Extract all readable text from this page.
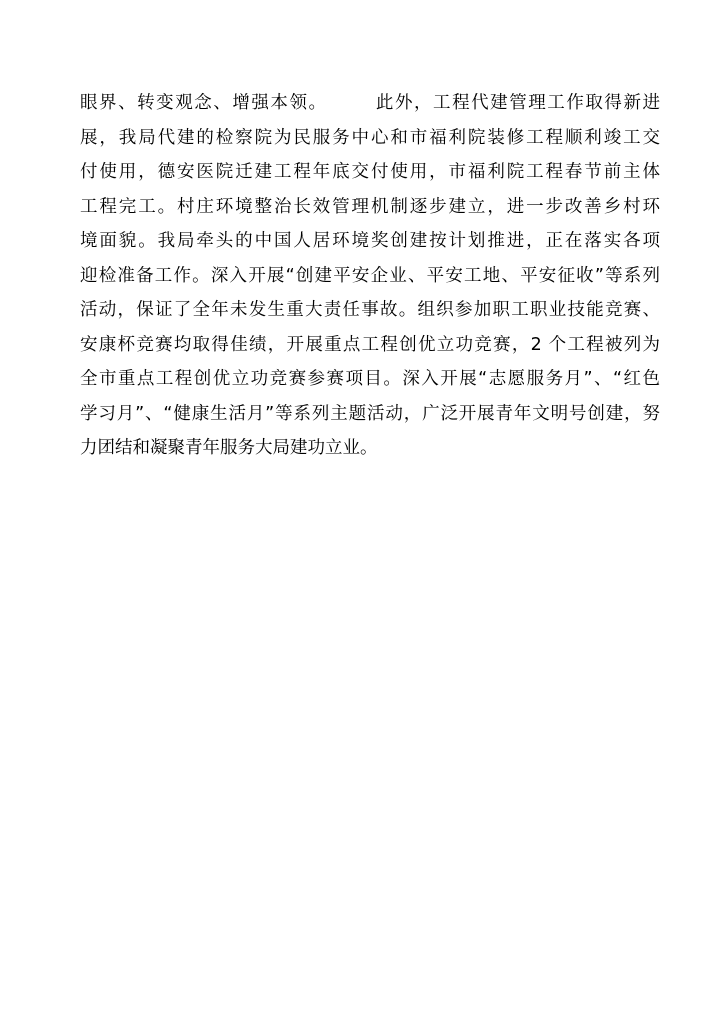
眼界、转变观念、增强本领。　　　此外，工程代建管理工作取得新进
展，我局代建的检察院为民服务中心和市福利院装修工程顺利竣工交
付使用，德安医院迁建工程年底交付使用，市福利院工程春节前主体
工程完工。村庄环境整治长效管理机制逐步建立，进一步改善乡村环
境面貌。我局牵头的中国人居环境奖创建按计划推进，正在落实各项
迎检准备工作。深入开展“创建平安企业、平安工地、平安征收”等系列
活动，保证了全年未发生重大责任事故。组织参加职工职业技能竞赛、
安康杯竞赛均取得佳绩，开展重点工程创优立功竞赛，2 个工程被列为
全市重点工程创优立功竞赛参赛项目。深入开展“志愿服务月”、“红色
学习月”、“健康生活月”等系列主题活动，广泛开展青年文明号创建，努
力团结和凝聚青年服务大局建功立业。
